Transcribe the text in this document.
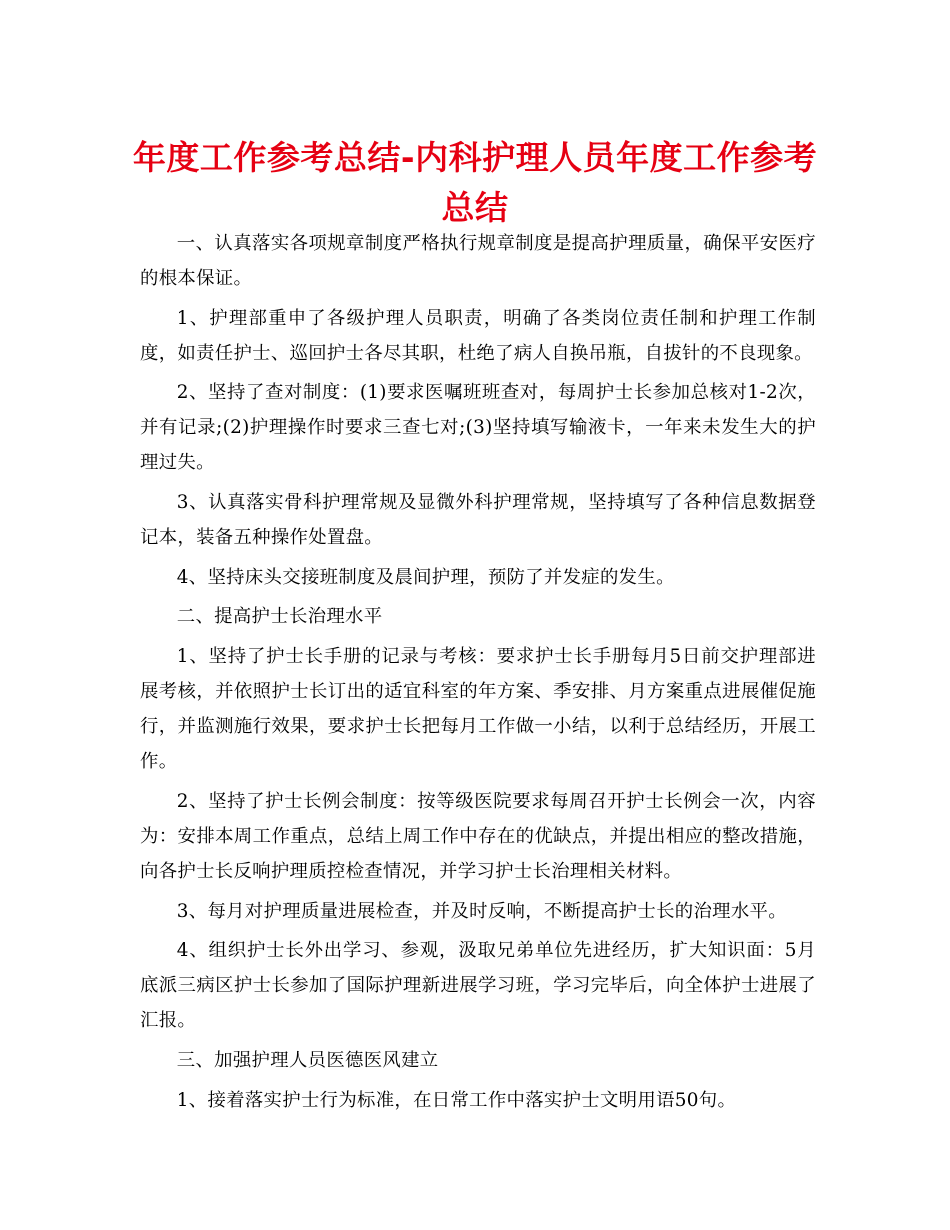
年度工作参考总结-内科护理人员年度工作参考总结

一、认真落实各项规章制度严格执行规章制度是提高护理质量，确保平安医疗的根本保证。

1、护理部重申了各级护理人员职责，明确了各类岗位责任制和护理工作制度，如责任护士、巡回护士各尽其职，杜绝了病人自换吊瓶，自拔针的不良现象。

2、坚持了查对制度：(1)要求医嘱班班查对，每周护士长参加总核对1-2次，并有记录;(2)护理操作时要求三查七对;(3)坚持填写输液卡，一年来未发生大的护理过失。

3、认真落实骨科护理常规及显微外科护理常规，坚持填写了各种信息数据登记本，装备五种操作处置盘。

4、坚持床头交接班制度及晨间护理，预防了并发症的发生。

二、提高护士长治理水平

1、坚持了护士长手册的记录与考核：要求护士长手册每月5日前交护理部进展考核，并依照护士长订出的适宜科室的年方案、季安排、月方案重点进展催促施行，并监测施行效果，要求护士长把每月工作做一小结，以利于总结经历，开展工作。

2、坚持了护士长例会制度：按等级医院要求每周召开护士长例会一次，内容为：安排本周工作重点，总结上周工作中存在的优缺点，并提出相应的整改措施，向各护士长反响护理质控检查情况，并学习护士长治理相关材料。

3、每月对护理质量进展检查，并及时反响，不断提高护士长的治理水平。

4、组织护士长外出学习、参观，汲取兄弟单位先进经历，扩大知识面：5月底派三病区护士长参加了国际护理新进展学习班，学习完毕后，向全体护士进展了汇报。

三、加强护理人员医德医风建立

1、接着落实护士行为标准，在日常工作中落实护士文明用语50句。
